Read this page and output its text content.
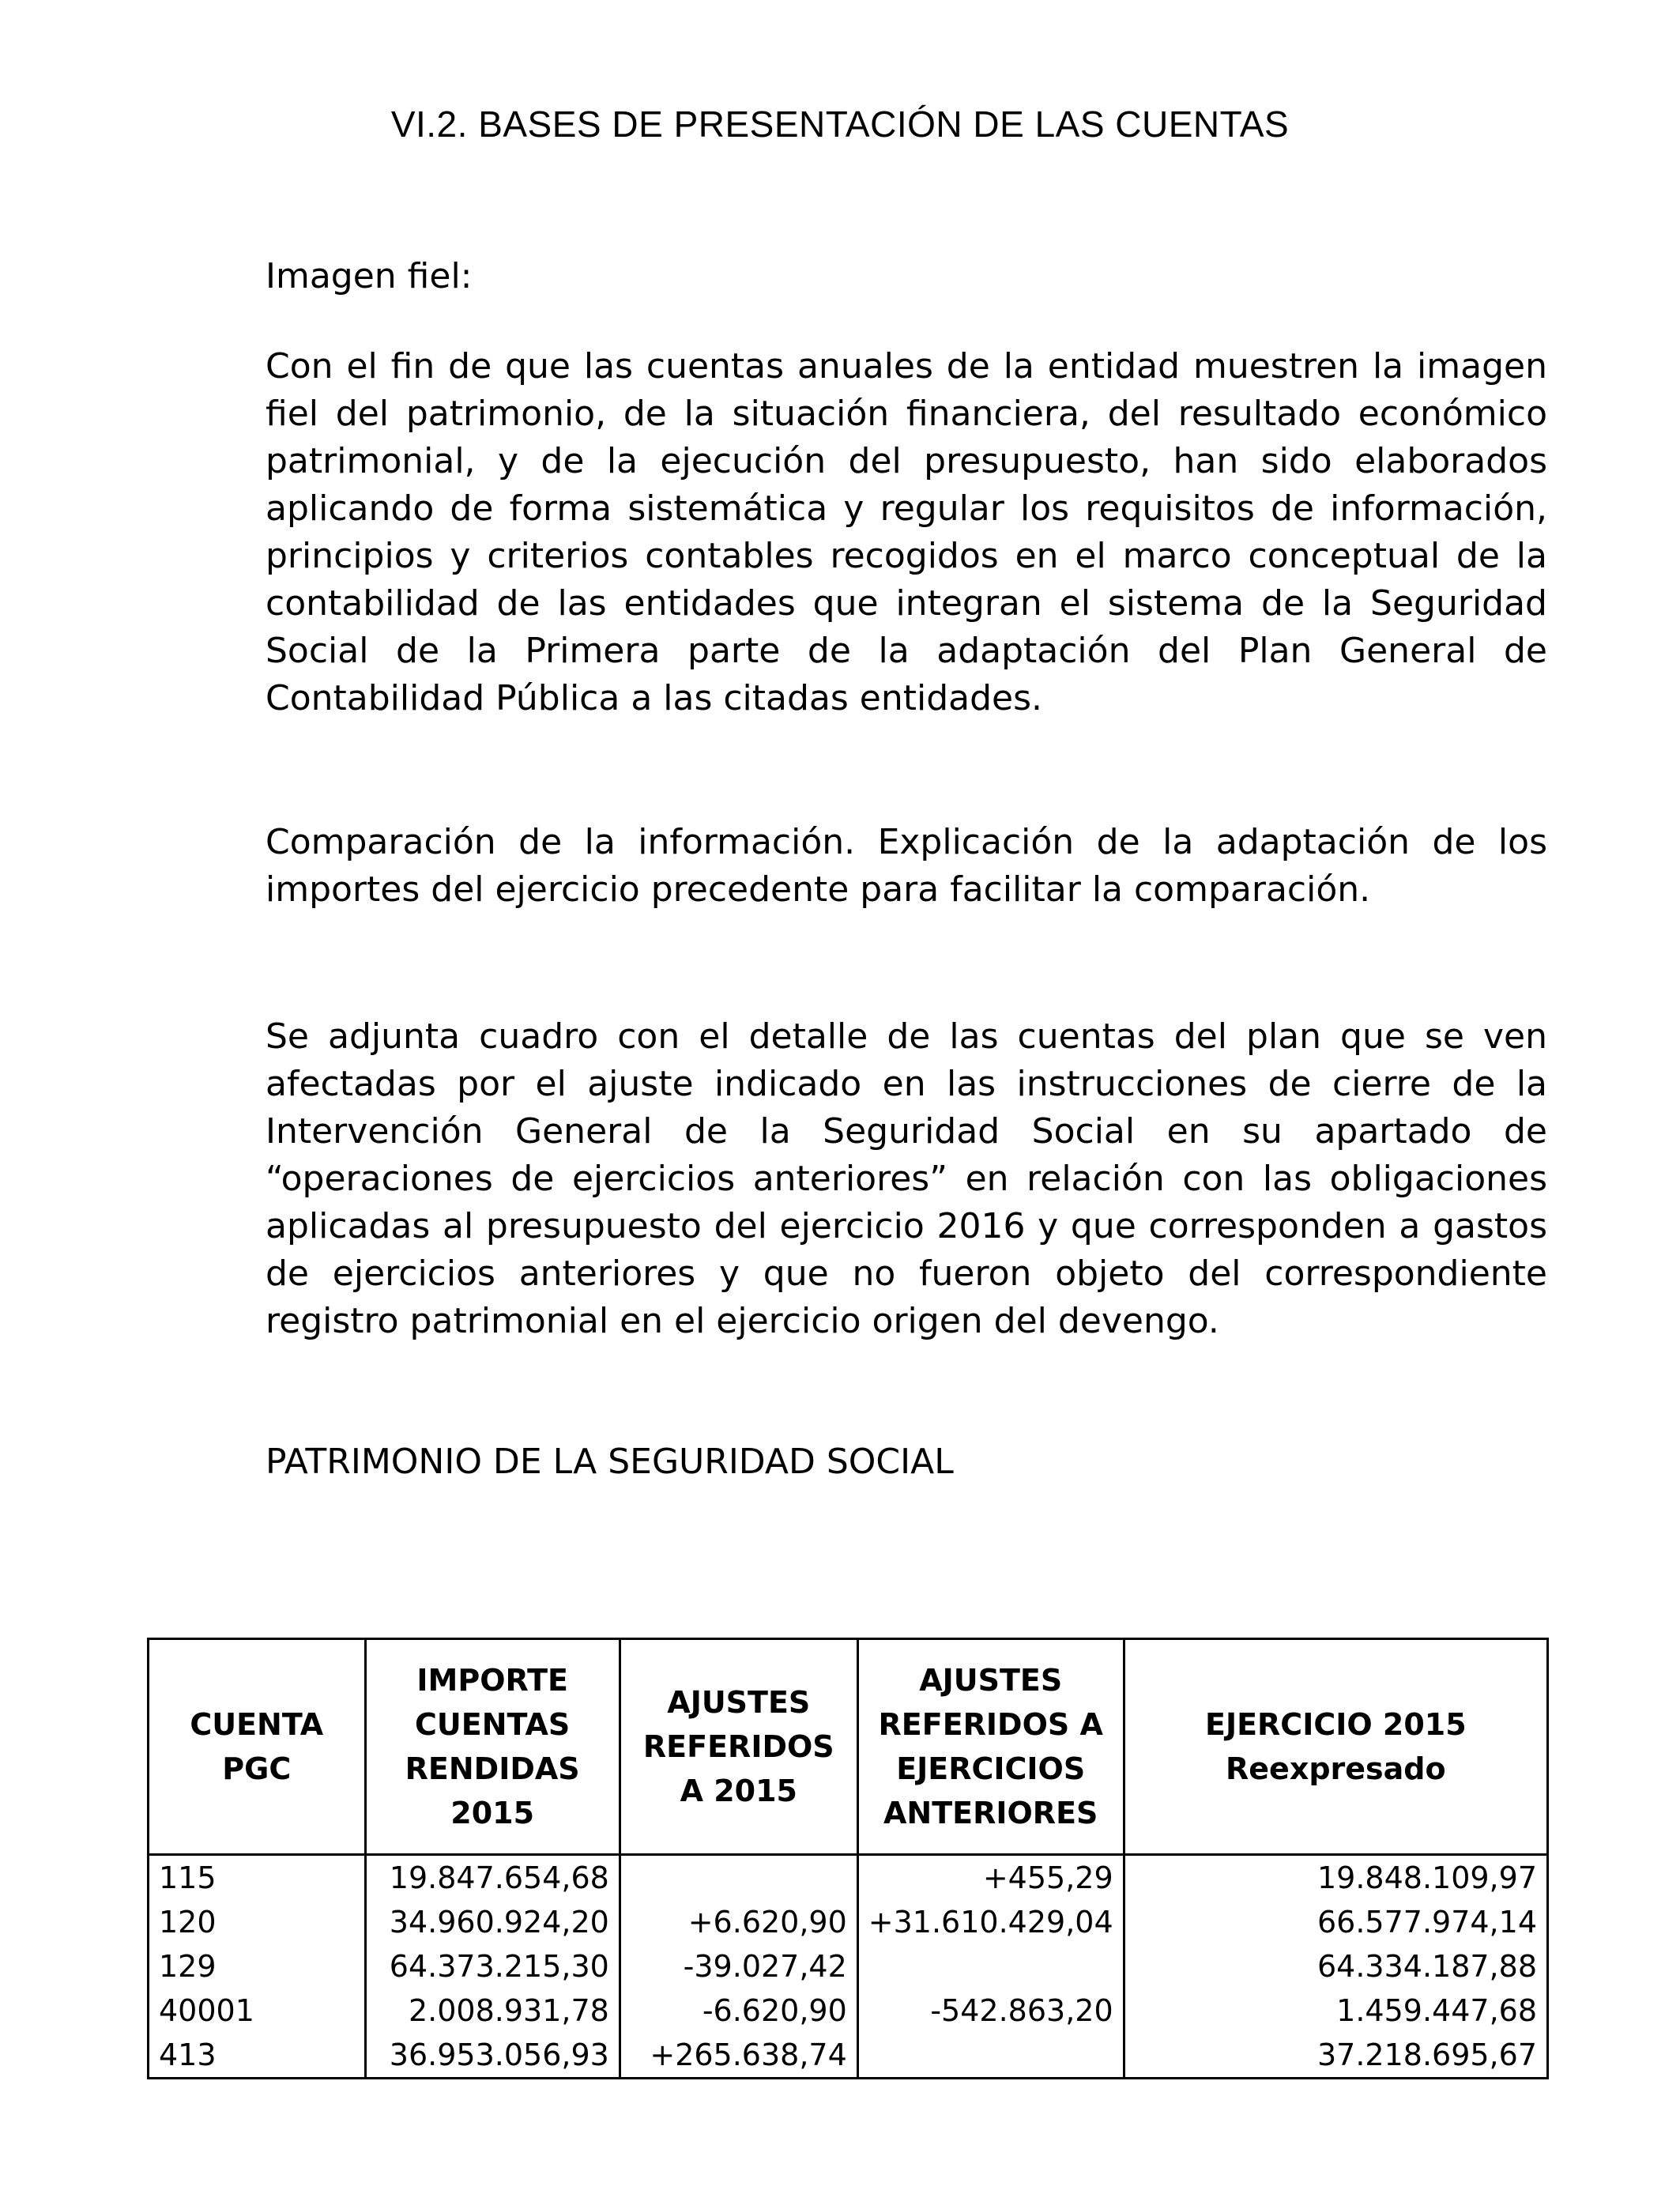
VI.2. BASES DE PRESENTACIÓN DE LAS CUENTAS

Imagen fiel:

Con el fin de que las cuentas anuales de la entidad muestren la imagen fiel del patrimonio, de la situación financiera, del resultado económico patrimonial, y de la ejecución del presupuesto, han sido elaborados aplicando de forma sistemática y regular los requisitos de información, principios y criterios contables recogidos en el marco conceptual de la contabilidad de las entidades que integran el sistema de la Seguridad Social de la Primera parte de la adaptación del Plan General de Contabilidad Pública a las citadas entidades.

Comparación de la información. Explicación de la adaptación de los importes del ejercicio precedente para facilitar la comparación.

Se adjunta cuadro con el detalle de las cuentas del plan que se ven afectadas por el ajuste indicado en las instrucciones de cierre de la Intervención General de la Seguridad Social en su apartado de “operaciones de ejercicios anteriores” en relación con las obligaciones aplicadas al presupuesto del ejercicio 2016 y que corresponden a gastos de ejercicios anteriores y que no fueron objeto del correspondiente registro patrimonial en el ejercicio origen del devengo.

PATRIMONIO DE LA SEGURIDAD SOCIAL

CUENTA PGC	IMPORTE CUENTAS RENDIDAS 2015	AJUSTES REFERIDOS A 2015	AJUSTES REFERIDOS A EJERCICIOS ANTERIORES	EJERCICIO 2015 Reexpresado
115	19.847.654,68		+455,29	19.848.109,97
120	34.960.924,20	+6.620,90	+31.610.429,04	66.577.974,14
129	64.373.215,30	-39.027,42		64.334.187,88
40001	2.008.931,78	-6.620,90	-542.863,20	1.459.447,68
413	36.953.056,93	+265.638,74		37.218.695,67
